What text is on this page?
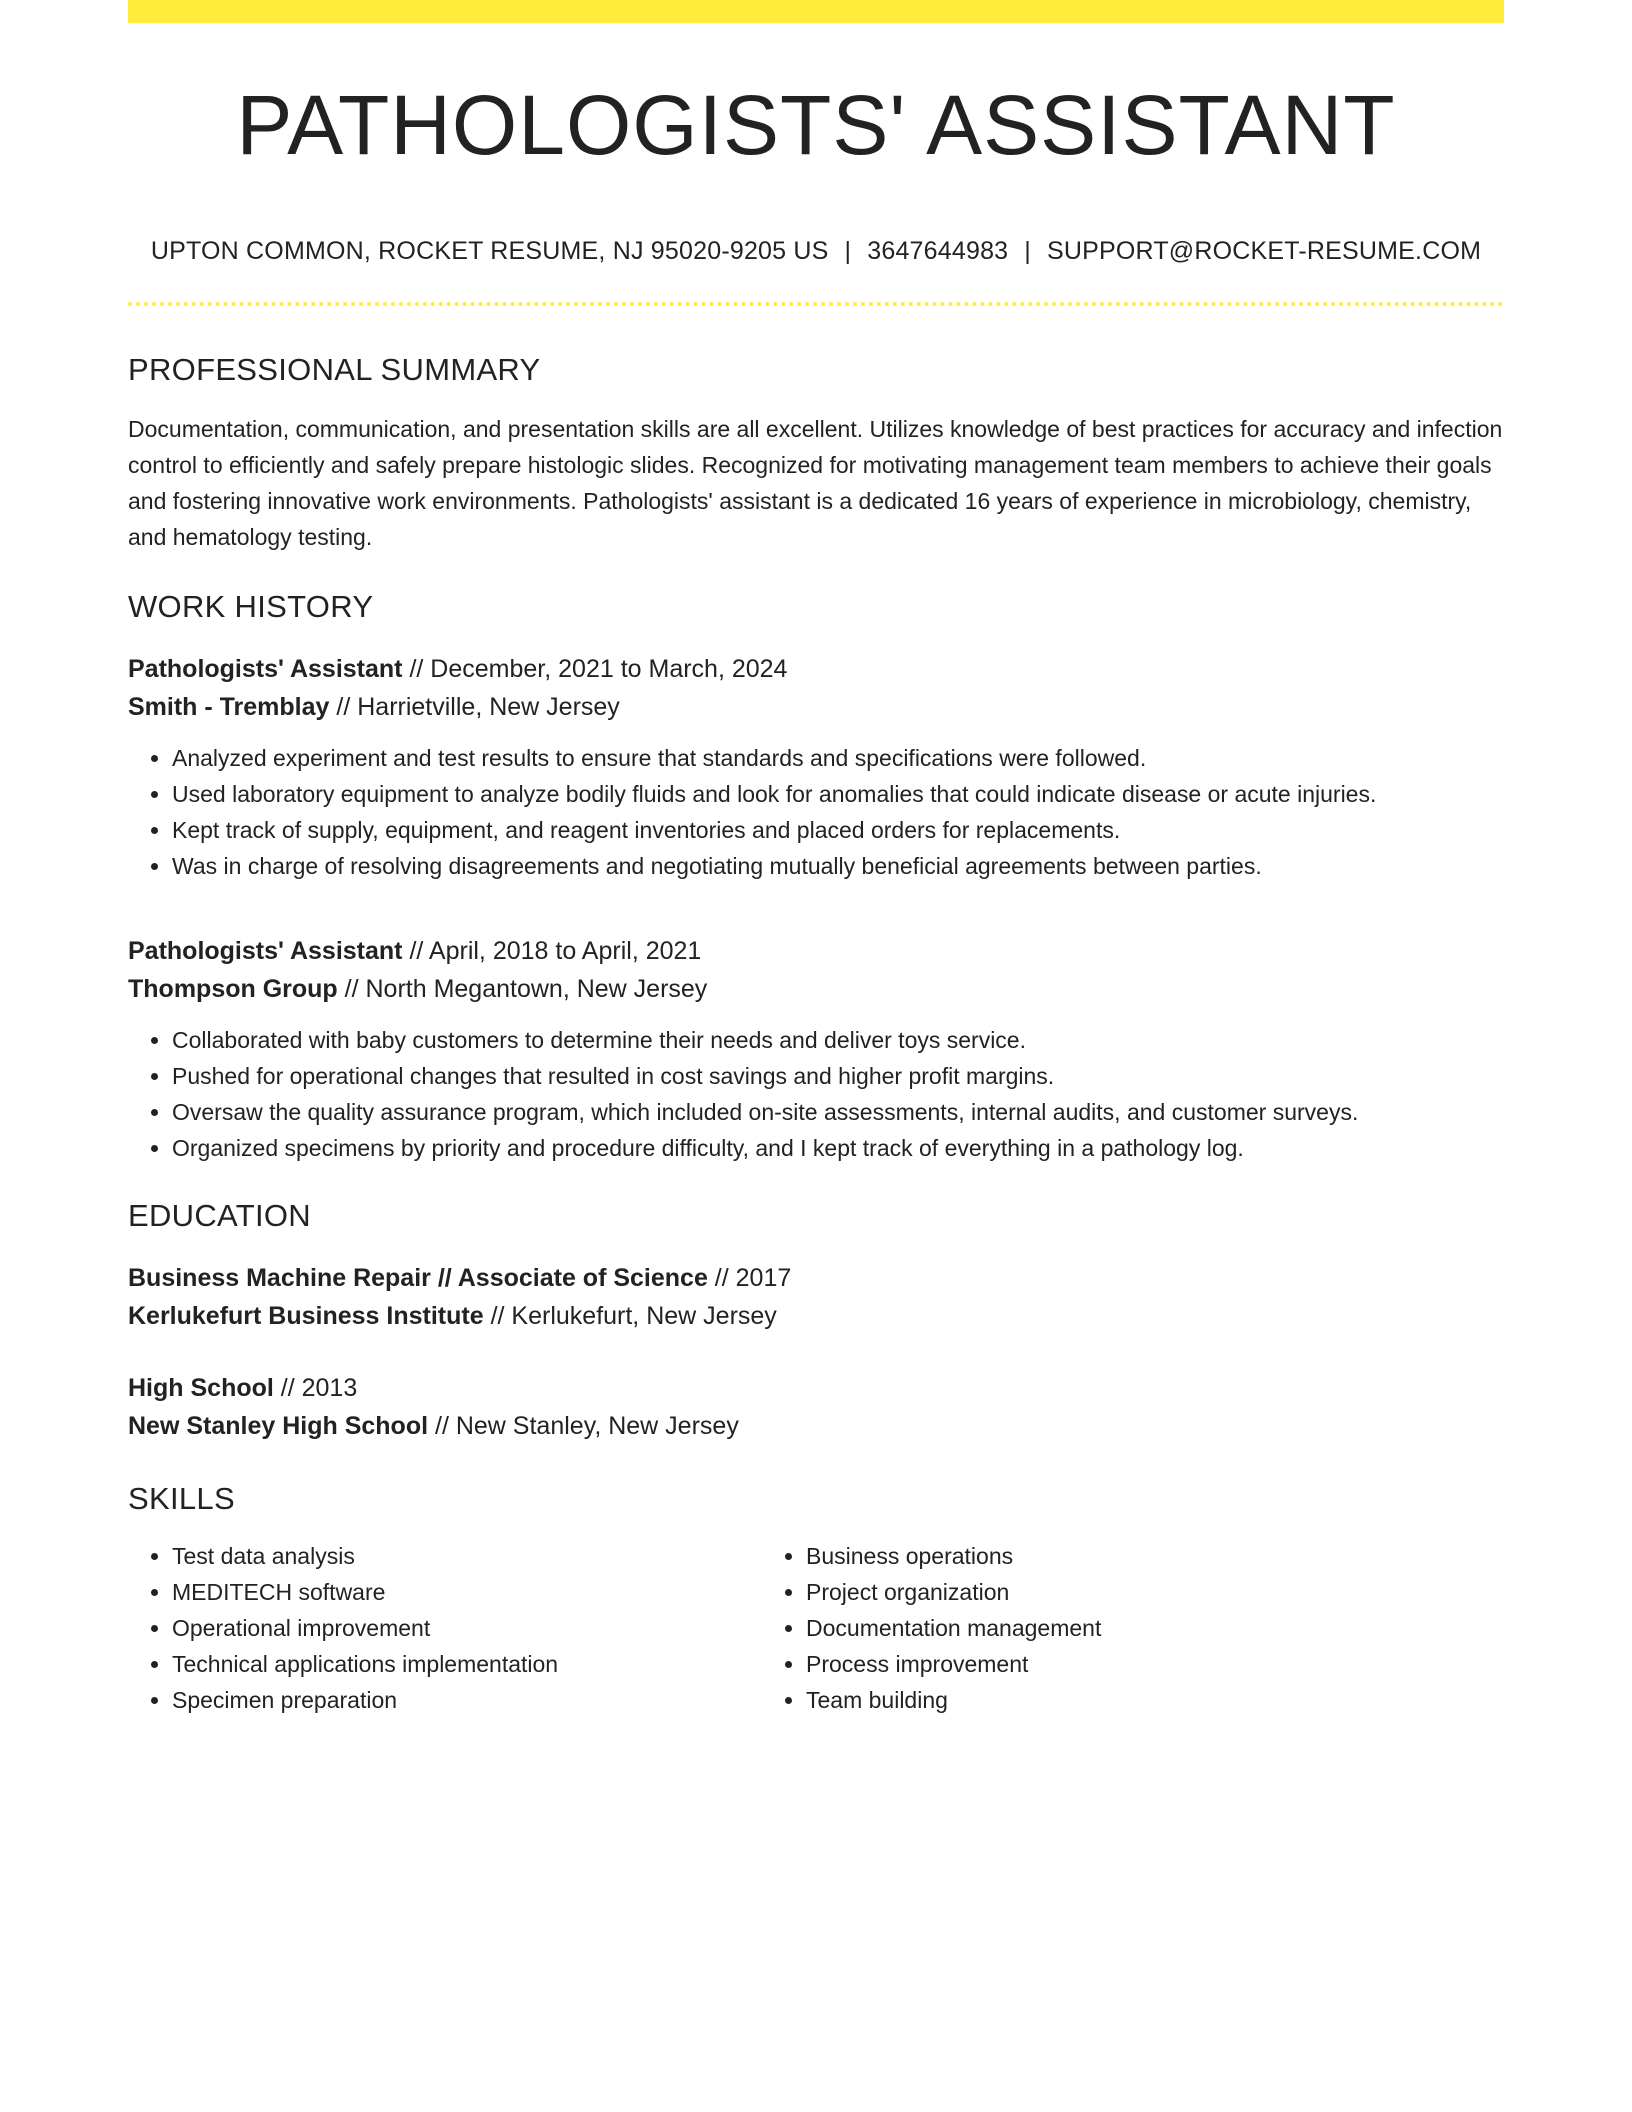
PATHOLOGISTS' ASSISTANT
UPTON COMMON, ROCKET RESUME, NJ 95020-9205 US | 3647644983 | SUPPORT@ROCKET-RESUME.COM
PROFESSIONAL SUMMARY

Documentation, communication, and presentation skills are all excellent. Utilizes knowledge of best practices for accuracy and infection control to efficiently and safely prepare histologic slides. Recognized for motivating management team members to achieve their goals and fostering innovative work environments. Pathologists' assistant is a dedicated 16 years of experience in microbiology, chemistry, and hematology testing.

WORK HISTORY
Pathologists' Assistant // December, 2021 to March, 2024
Smith - Tremblay // Harrietville, New Jersey
• Analyzed experiment and test results to ensure that standards and specifications were followed.
• Used laboratory equipment to analyze bodily fluids and look for anomalies that could indicate disease or acute injuries.
• Kept track of supply, equipment, and reagent inventories and placed orders for replacements.
• Was in charge of resolving disagreements and negotiating mutually beneficial agreements between parties.
Pathologists' Assistant // April, 2018 to April, 2021
Thompson Group // North Megantown, New Jersey
• Collaborated with baby customers to determine their needs and deliver toys service.
• Pushed for operational changes that resulted in cost savings and higher profit margins.
• Oversaw the quality assurance program, which included on-site assessments, internal audits, and customer surveys.
• Organized specimens by priority and procedure difficulty, and I kept track of everything in a pathology log.
EDUCATION
Business Machine Repair // Associate of Science // 2017
Kerlukefurt Business Institute // Kerlukefurt, New Jersey
High School // 2013
New Stanley High School // New Stanley, New Jersey
SKILLS
• Test data analysis
• MEDITECH software
• Operational improvement
• Technical applications implementation
• Specimen preparation
• Business operations
• Project organization
• Documentation management
• Process improvement
• Team building
